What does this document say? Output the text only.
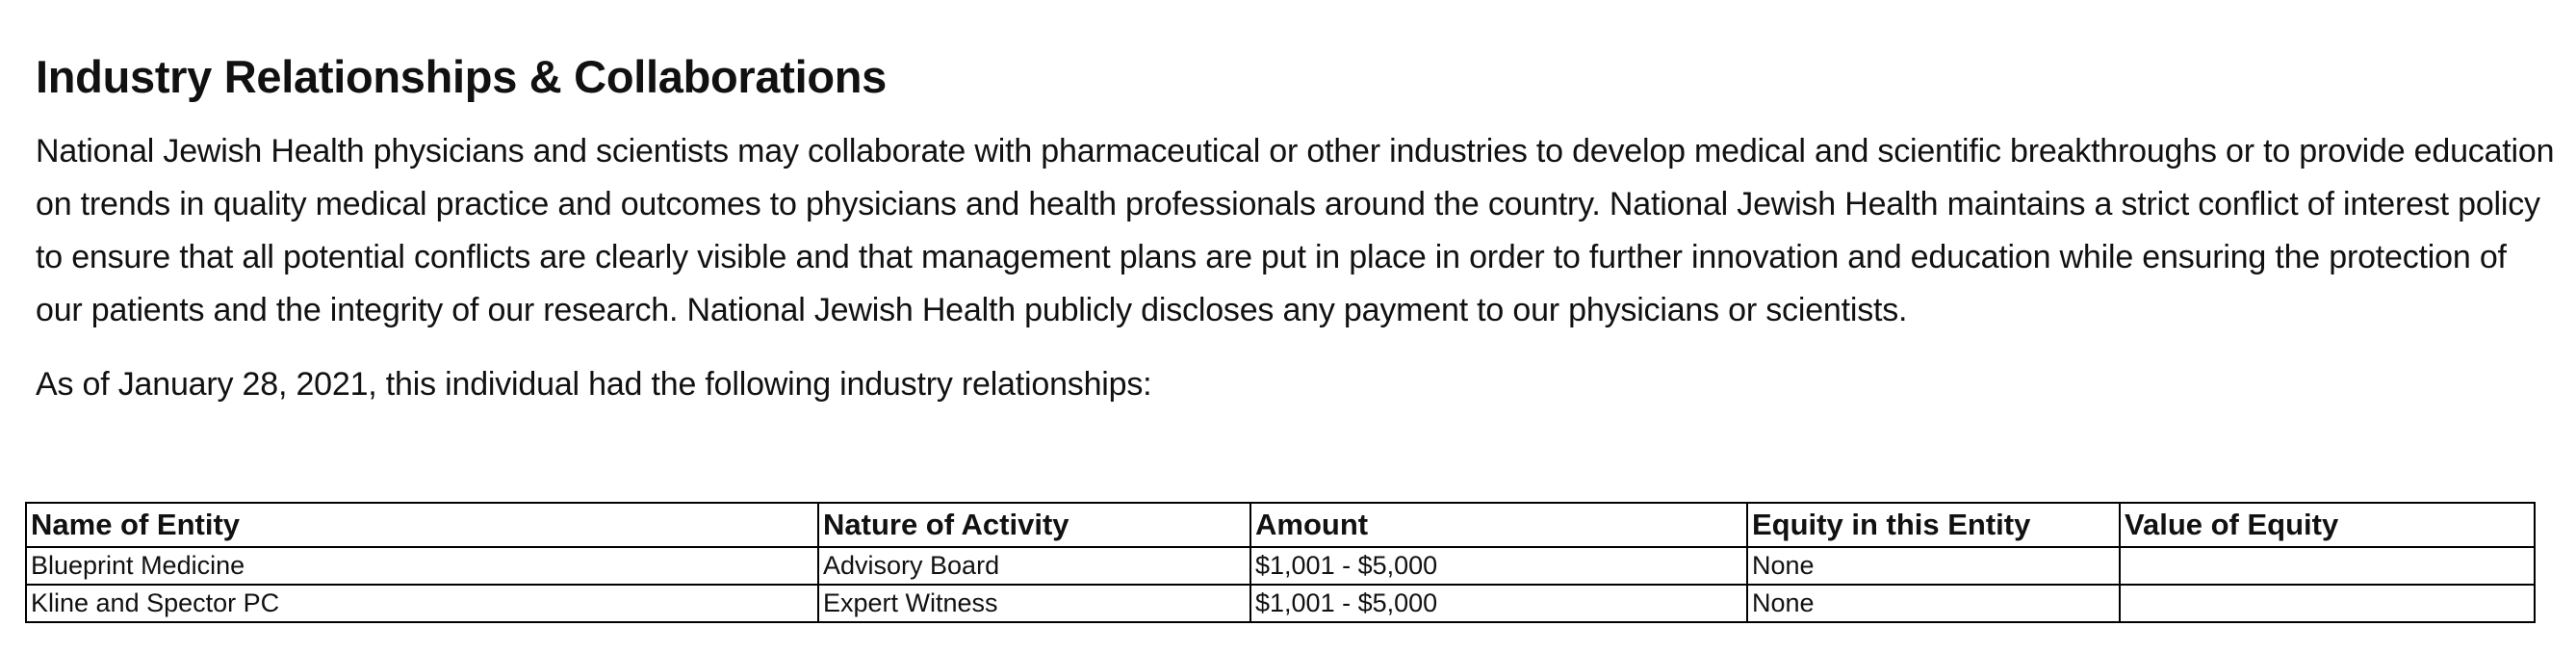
Industry Relationships & Collaborations

National Jewish Health physicians and scientists may collaborate with pharmaceutical or other industries to develop medical and scientific breakthroughs or to provide education on trends in quality medical practice and outcomes to physicians and health professionals around the country. National Jewish Health maintains a strict conflict of interest policy to ensure that all potential conflicts are clearly visible and that management plans are put in place in order to further innovation and education while ensuring the protection of our patients and the integrity of our research. National Jewish Health publicly discloses any payment to our physicians or scientists.

As of January 28, 2021, this individual had the following industry relationships:

Name of Entity	Nature of Activity	Amount	Equity in this Entity	Value of Equity
Blueprint Medicine	Advisory Board	$1,001 - $5,000	None	
Kline and Spector PC	Expert Witness	$1,001 - $5,000	None	
